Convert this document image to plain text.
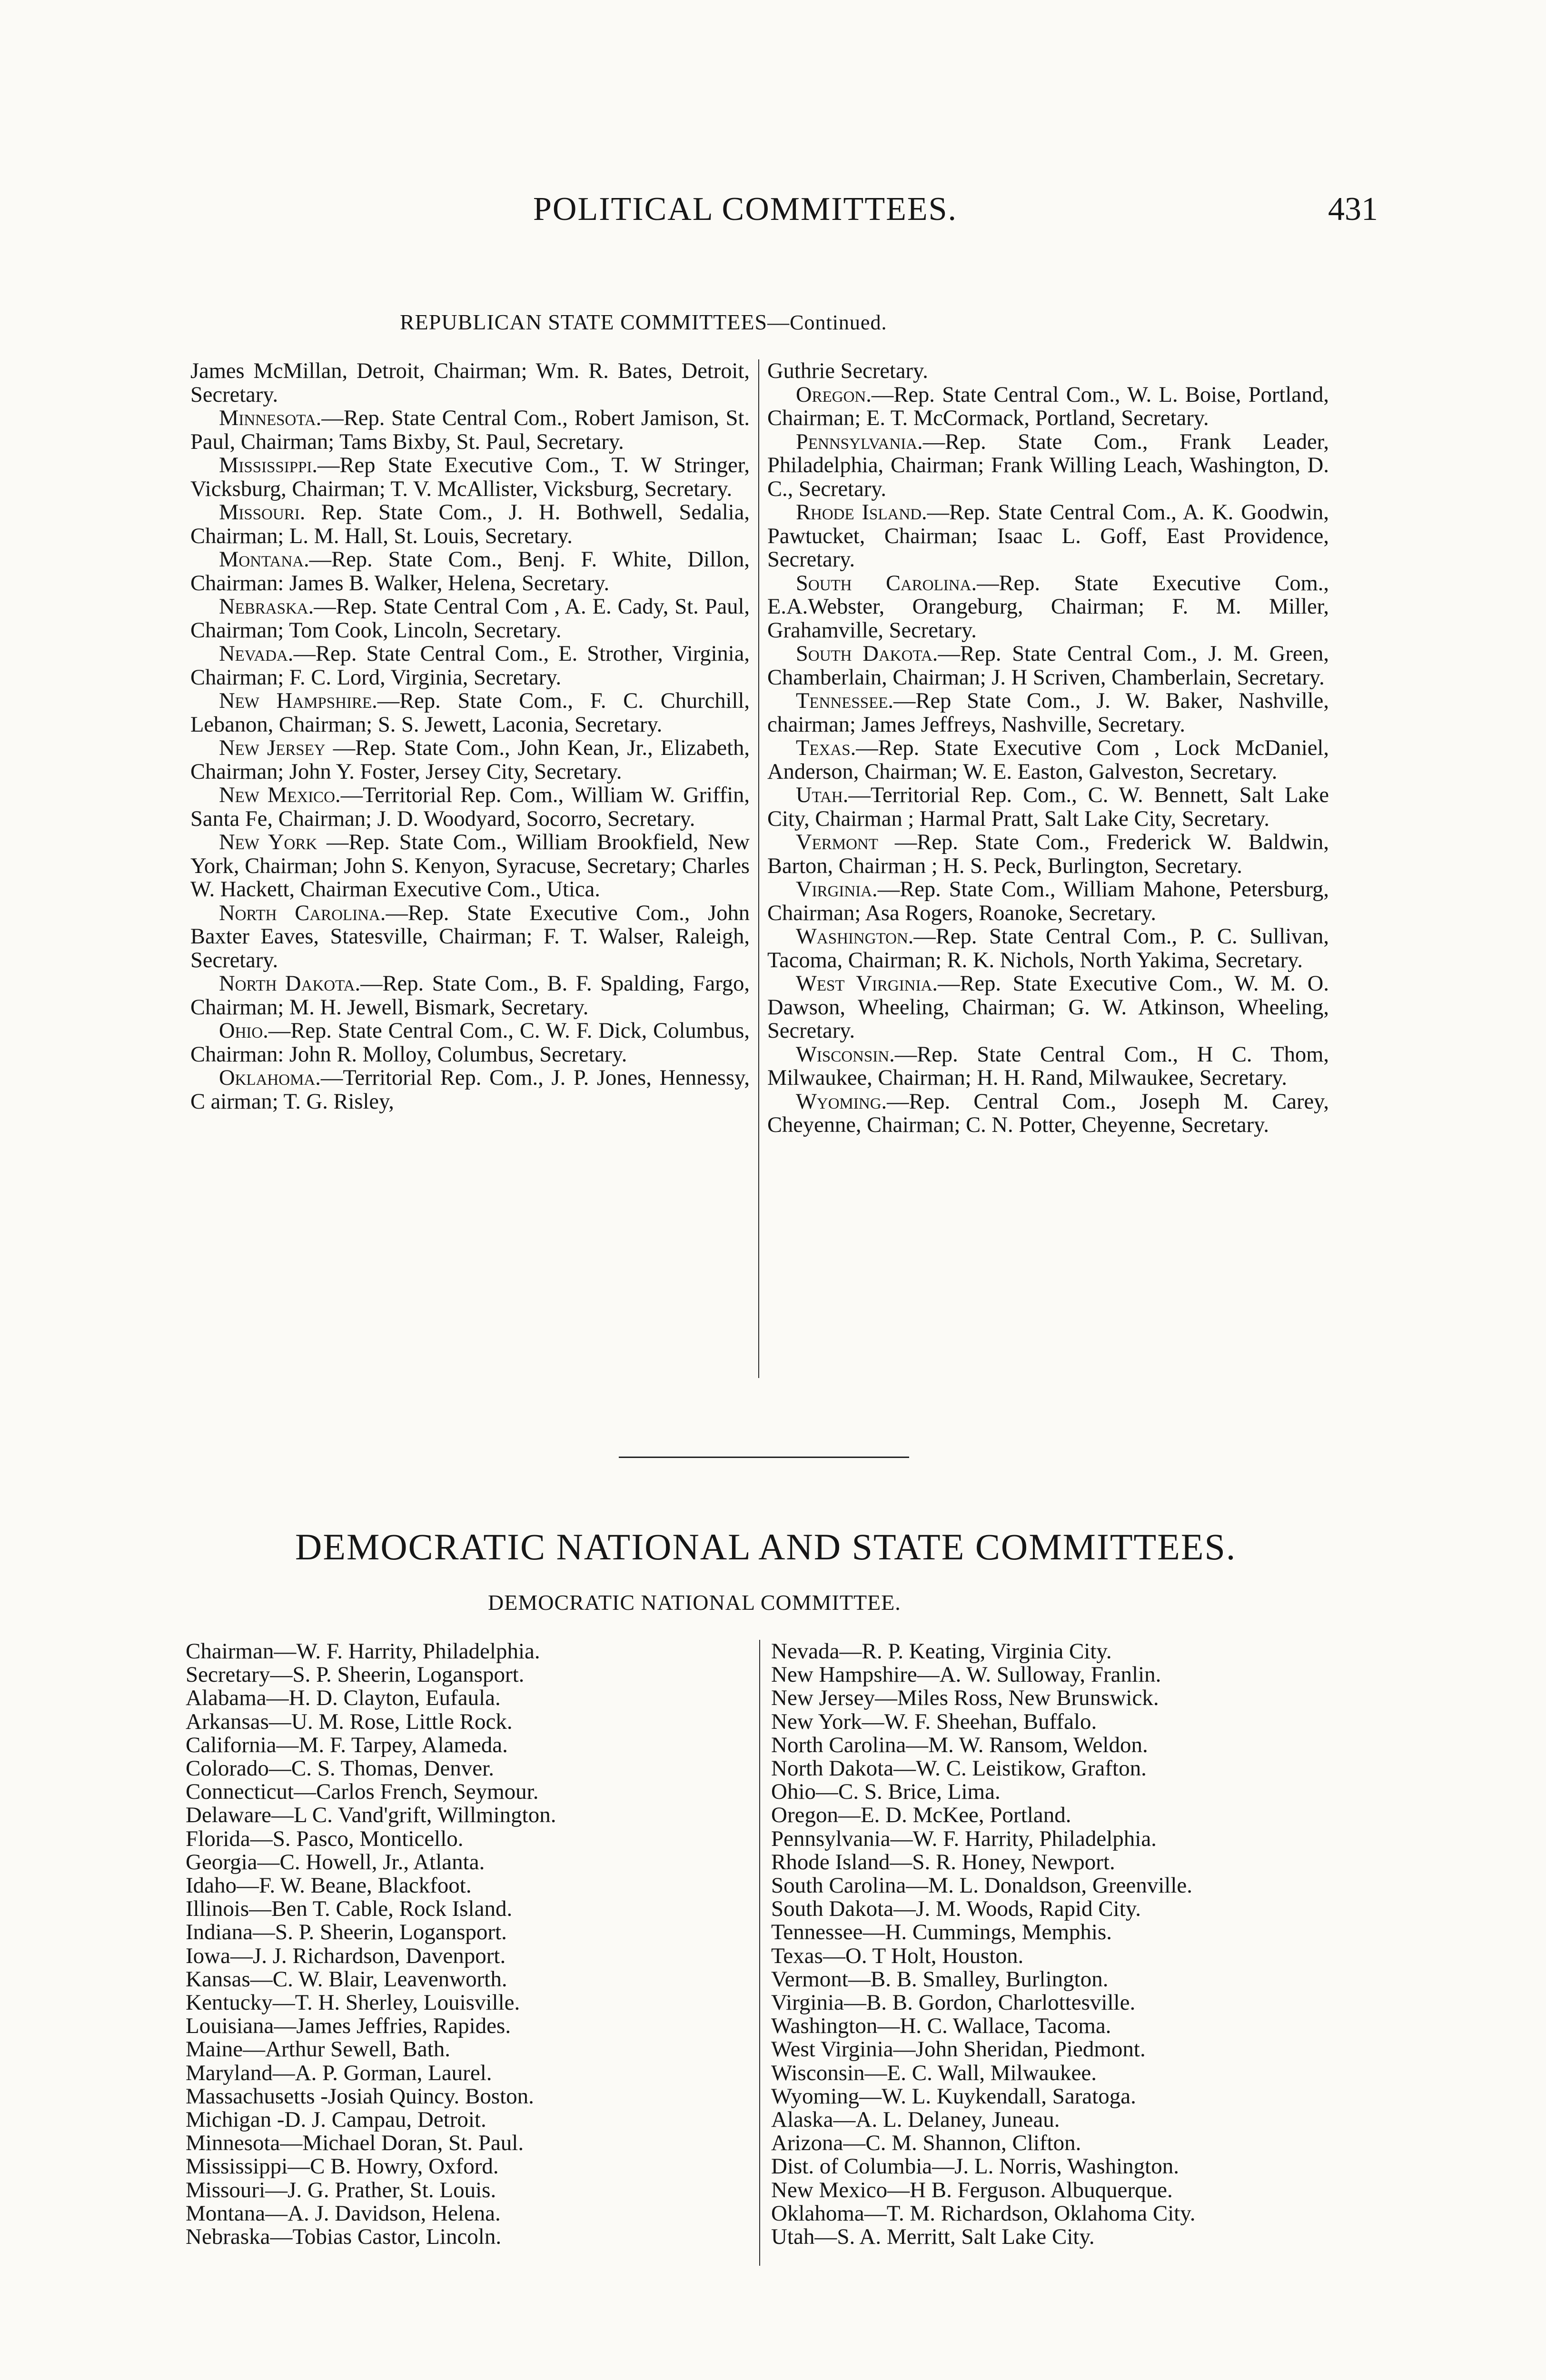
POLITICAL COMMITTEES.	431
REPUBLICAN STATE COMMITTEES—Continued.

James McMillan, Detroit, Chairman; Wm. R. Bates, Detroit, Secretary.

Minnesota.—Rep. State Central Com., Robert Jamison, St. Paul, Chairman; Tams Bixby, St. Paul, Secretary.

Mississippi.—Rep State Executive Com., T. W Stringer, Vicksburg, Chairman; T. V. McAllister, Vicksburg, Secretary.

Missouri. Rep. State Com., J. H. Bothwell, Sedalia, Chairman; L. M. Hall, St. Louis, Secretary.

Montana.—Rep. State Com., Benj. F. White, Dillon, Chairman: James B. Walker, Helena, Secretary.

Nebraska.—Rep. State Central Com , A. E. Cady, St. Paul, Chairman; Tom Cook, Lincoln, Secretary.

Nevada.—Rep. State Central Com., E. Strother, Virginia, Chairman; F. C. Lord, Virginia, Secretary.

New Hampshire.—Rep. State Com., F. C. Churchill, Lebanon, Chairman; S. S. Jewett, Laconia, Secretary.

New Jersey —Rep. State Com., John Kean, Jr., Elizabeth, Chairman; John Y. Foster, Jersey City, Secretary.

New Mexico.—Territorial Rep. Com., William W. Griffin, Santa Fe, Chairman; J. D. Woodyard, Socorro, Secretary.

New York —Rep. State Com., William Brookfield, New York, Chairman; John S. Kenyon, Syracuse, Secretary; Charles W. Hackett, Chairman Executive Com., Utica.

North Carolina.—Rep. State Executive Com., John Baxter Eaves, Statesville, Chairman; F. T. Walser, Raleigh, Secretary.

North Dakota.—Rep. State Com., B. F. Spalding, Fargo, Chairman; M. H. Jewell, Bismark, Secretary.

Ohio.—Rep. State Central Com., C. W. F. Dick, Columbus, Chairman: John R. Molloy, Columbus, Secretary.

Oklahoma.—Territorial Rep. Com., J. P. Jones, Hennessy, C airman; T. G. Risley,

Guthrie Secretary.

Oregon.—Rep. State Central Com., W. L. Boise, Portland, Chairman; E. T. McCormack, Portland, Secretary.

Pennsylvania.—Rep. State Com., Frank Leader, Philadelphia, Chairman; Frank Willing Leach, Washington, D. C., Secretary.

Rhode Island.—Rep. State Central Com., A. K. Goodwin, Pawtucket, Chairman; Isaac L. Goff, East Providence, Secretary.

South Carolina.—Rep. State Executive Com., E.A.Webster, Orangeburg, Chairman; F. M. Miller, Grahamville, Secretary.

South Dakota.—Rep. State Central Com., J. M. Green, Chamberlain, Chairman; J. H Scriven, Chamberlain, Secretary.

Tennessee.—Rep State Com., J. W. Baker, Nashville, chairman; James Jeffreys, Nashville, Secretary.

Texas.—Rep. State Executive Com , Lock McDaniel, Anderson, Chairman; W. E. Easton, Galveston, Secretary.

Utah.—Territorial Rep. Com., C. W. Bennett, Salt Lake City, Chairman ; Harmal Pratt, Salt Lake City, Secretary.

Vermont —Rep. State Com., Frederick W. Baldwin, Barton, Chairman ; H. S. Peck, Burlington, Secretary.

Virginia.—Rep. State Com., William Mahone, Petersburg, Chairman; Asa Rogers, Roanoke, Secretary.

Washington.—Rep. State Central Com., P. C. Sullivan, Tacoma, Chairman; R. K. Nichols, North Yakima, Secretary.

West Virginia.—Rep. State Executive Com., W. M. O. Dawson, Wheeling, Chairman; G. W. Atkinson, Wheeling, Secretary.

Wisconsin.—Rep. State Central Com., H C. Thom, Milwaukee, Chairman; H. H. Rand, Milwaukee, Secretary.

Wyoming.—Rep. Central Com., Joseph M. Carey, Cheyenne, Chairman; C. N. Potter, Cheyenne, Secretary.

DEMOCRATIC NATIONAL AND STATE COMMITTEES.
DEMOCRATIC NATIONAL COMMITTEE.
Chairman—W. F. Harrity, Philadelphia.
Secretary—S. P. Sheerin, Logansport.
Alabama—H. D. Clayton, Eufaula.
Arkansas—U. M. Rose, Little Rock.
California—M. F. Tarpey, Alameda.
Colorado—C. S. Thomas, Denver.
Connecticut—Carlos French, Seymour.
Delaware—L C. Vand'grift, Willmington.
Florida—S. Pasco, Monticello.
Georgia—C. Howell, Jr., Atlanta.
Idaho—F. W. Beane, Blackfoot.
Illinois—Ben T. Cable, Rock Island.
Indiana—S. P. Sheerin, Logansport.
Iowa—J. J. Richardson, Davenport.
Kansas—C. W. Blair, Leavenworth.
Kentucky—T. H. Sherley, Louisville.
Louisiana—James Jeffries, Rapides.
Maine—Arthur Sewell, Bath.
Maryland—A. P. Gorman, Laurel.
Massachusetts -Josiah Quincy. Boston.
Michigan -D. J. Campau, Detroit.
Minnesota—Michael Doran, St. Paul.
Mississippi—C B. Howry, Oxford.
Missouri—J. G. Prather, St. Louis.
Montana—A. J. Davidson, Helena.
Nebraska—Tobias Castor, Lincoln.
Nevada—R. P. Keating, Virginia City.
New Hampshire—A. W. Sulloway, Franlin.
New Jersey—Miles Ross, New Brunswick.
New York—W. F. Sheehan, Buffalo.
North Carolina—M. W. Ransom, Weldon.
North Dakota—W. C. Leistikow, Grafton.
Ohio—C. S. Brice, Lima.
Oregon—E. D. McKee, Portland.
Pennsylvania—W. F. Harrity, Philadelphia.
Rhode Island—S. R. Honey, Newport.
South Carolina—M. L. Donaldson, Greenville.
South Dakota—J. M. Woods, Rapid City.
Tennessee—H. Cummings, Memphis.
Texas—O. T Holt, Houston.
Vermont—B. B. Smalley, Burlington.
Virginia—B. B. Gordon, Charlottesville.
Washington—H. C. Wallace, Tacoma.
West Virginia—John Sheridan, Piedmont.
Wisconsin—E. C. Wall, Milwaukee.
Wyoming—W. L. Kuykendall, Saratoga.
Alaska—A. L. Delaney, Juneau.
Arizona—C. M. Shannon, Clifton.
Dist. of Columbia—J. L. Norris, Washington.
New Mexico—H B. Ferguson. Albuquerque.
Oklahoma—T. M. Richardson, Oklahoma City.
Utah—S. A. Merritt, Salt Lake City.
